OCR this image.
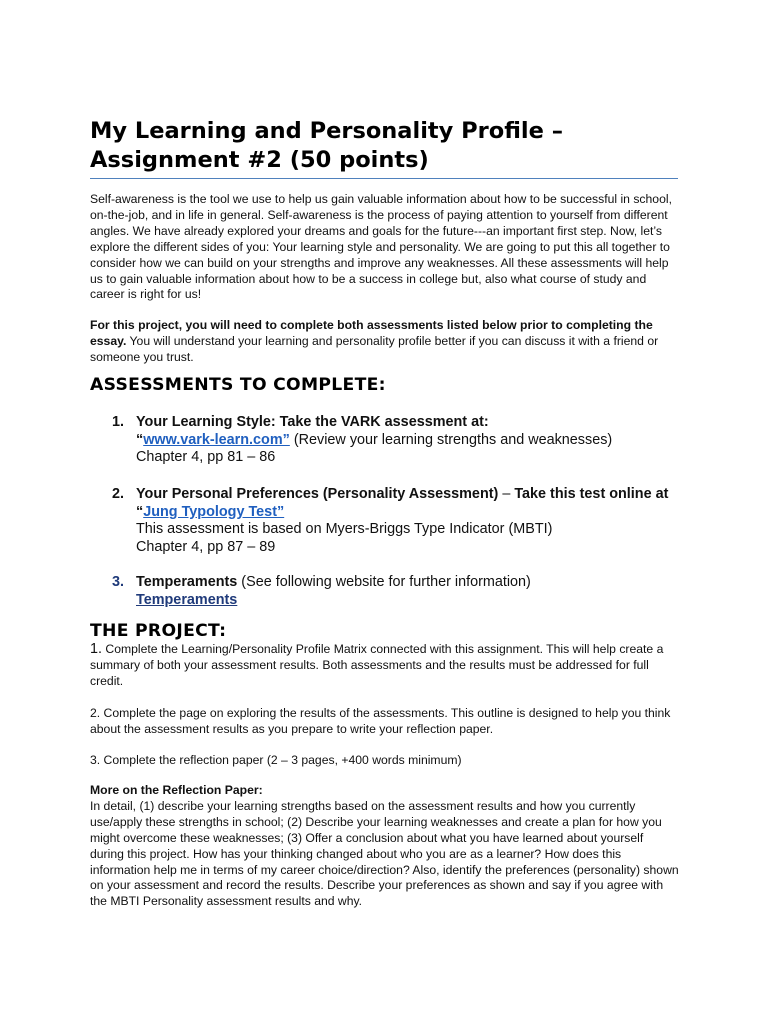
My Learning and Personality Profile – Assignment #2 (50 points)

Self-awareness is the tool we use to help us gain valuable information about how to be successful in school, on-the-job, and in life in general. Self-awareness is the process of paying attention to yourself from different angles. We have already explored your dreams and goals for the future---an important first step. Now, let’s explore the different sides of you: Your learning style and personality. We are going to put this all together to consider how we can build on your strengths and improve any weaknesses. All these assessments will help us to gain valuable information about how to be a success in college but, also what course of study and career is right for us!

For this project, you will need to complete both assessments listed below prior to completing the essay. You will understand your learning and personality profile better if you can discuss it with a friend or someone you trust.

ASSESSMENTS TO COMPLETE:
1. Your Learning Style: Take the VARK assessment at:
“www.vark-learn.com” (Review your learning strengths and weaknesses)
Chapter 4, pp 81 – 86
2. Your Personal Preferences (Personality Assessment) – Take this test online at “Jung Typology Test”
This assessment is based on Myers-Briggs Type Indicator (MBTI)
Chapter 4, pp 87 – 89
3. Temperaments (See following website for further information)
Temperaments
THE PROJECT:

1. Complete the Learning/Personality Profile Matrix connected with this assignment. This will help create a summary of both your assessment results. Both assessments and the results must be addressed for full credit.

2. Complete the page on exploring the results of the assessments. This outline is designed to help you think about the assessment results as you prepare to write your reflection paper.

3. Complete the reflection paper (2 – 3 pages, +400 words minimum)

More on the Reflection Paper:
In detail, (1) describe your learning strengths based on the assessment results and how you currently use/apply these strengths in school; (2) Describe your learning weaknesses and create a plan for how you might overcome these weaknesses; (3) Offer a conclusion about what you have learned about yourself during this project. How has your thinking changed about who you are as a learner? How does this information help me in terms of my career choice/direction? Also, identify the preferences (personality) shown on your assessment and record the results. Describe your preferences as shown and say if you agree with the MBTI Personality assessment results and why.
